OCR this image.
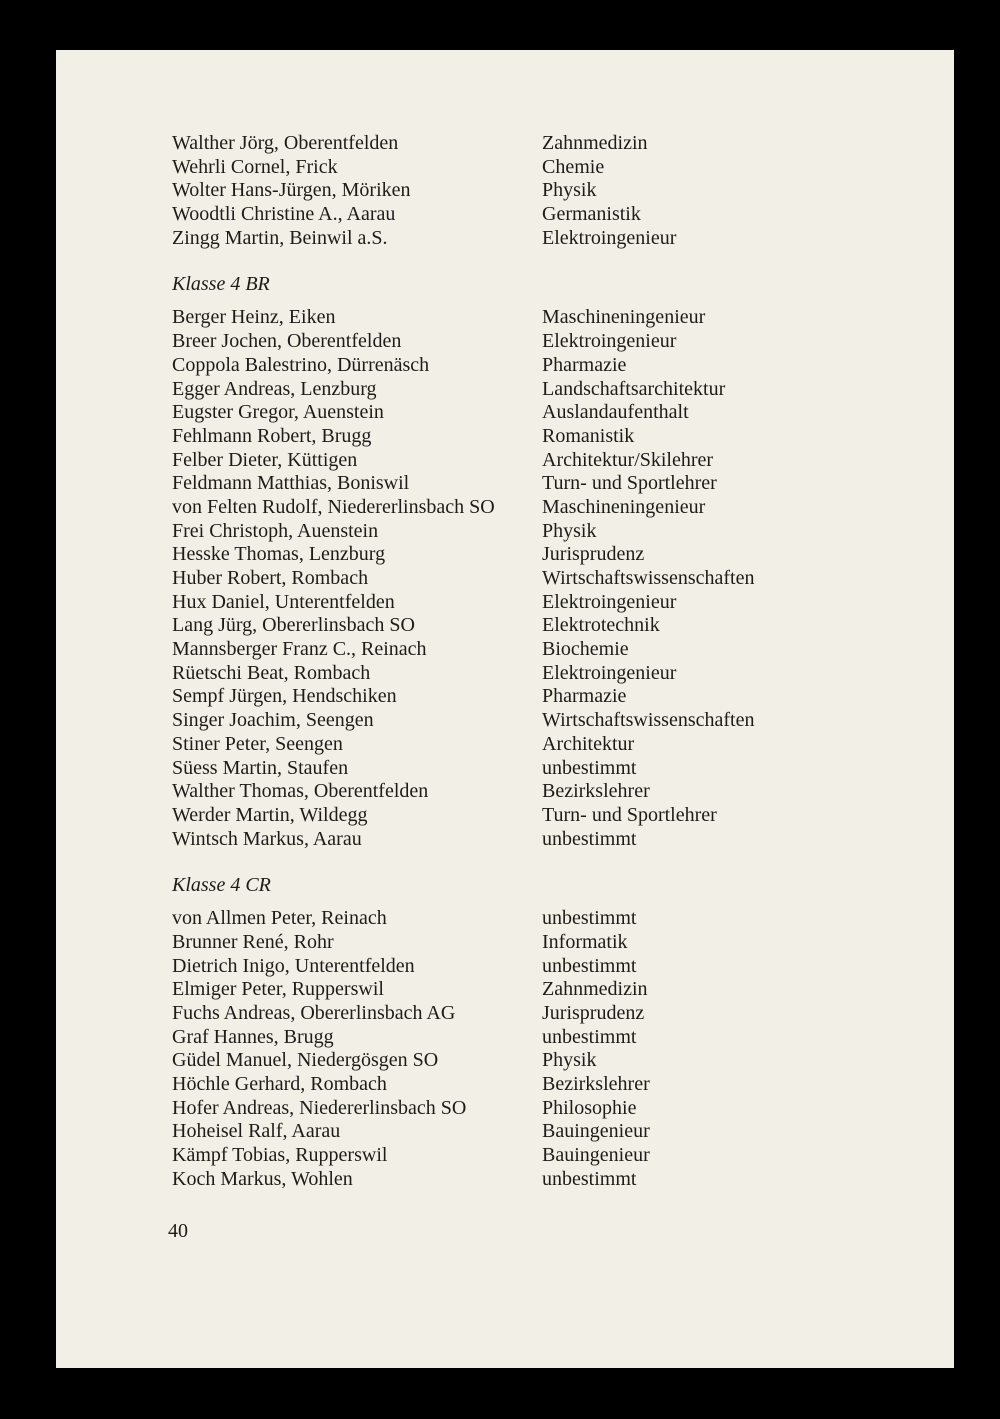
Walther Jörg, Oberentfelden	Zahnmedizin
Wehrli Cornel, Frick	Chemie
Wolter Hans-Jürgen, Möriken	Physik
Woodtli Christine A., Aarau	Germanistik
Zingg Martin, Beinwil a.S.	Elektroingenieur
Klasse 4 BR
Berger Heinz, Eiken	Maschineningenieur
Breer Jochen, Oberentfelden	Elektroingenieur
Coppola Balestrino, Dürrenäsch	Pharmazie
Egger Andreas, Lenzburg	Landschaftsarchitektur
Eugster Gregor, Auenstein	Auslandaufenthalt
Fehlmann Robert, Brugg	Romanistik
Felber Dieter, Küttigen	Architektur/Skilehrer
Feldmann Matthias, Boniswil	Turn- und Sportlehrer
von Felten Rudolf, Niedererlinsbach SO	Maschineningenieur
Frei Christoph, Auenstein	Physik
Hesske Thomas, Lenzburg	Jurisprudenz
Huber Robert, Rombach	Wirtschaftswissenschaften
Hux Daniel, Unterentfelden	Elektroingenieur
Lang Jürg, Obererlinsbach SO	Elektrotechnik
Mannsberger Franz C., Reinach	Biochemie
Rüetschi Beat, Rombach	Elektroingenieur
Sempf Jürgen, Hendschiken	Pharmazie
Singer Joachim, Seengen	Wirtschaftswissenschaften
Stiner Peter, Seengen	Architektur
Süess Martin, Staufen	unbestimmt
Walther Thomas, Oberentfelden	Bezirkslehrer
Werder Martin, Wildegg	Turn- und Sportlehrer
Wintsch Markus, Aarau	unbestimmt
Klasse 4 CR
von Allmen Peter, Reinach	unbestimmt
Brunner René, Rohr	Informatik
Dietrich Inigo, Unterentfelden	unbestimmt
Elmiger Peter, Rupperswil	Zahnmedizin
Fuchs Andreas, Obererlinsbach AG	Jurisprudenz
Graf Hannes, Brugg	unbestimmt
Güdel Manuel, Niedergösgen SO	Physik
Höchle Gerhard, Rombach	Bezirkslehrer
Hofer Andreas, Niedererlinsbach SO	Philosophie
Hoheisel Ralf, Aarau	Bauingenieur
Kämpf Tobias, Rupperswil	Bauingenieur
Koch Markus, Wohlen	unbestimmt
40
